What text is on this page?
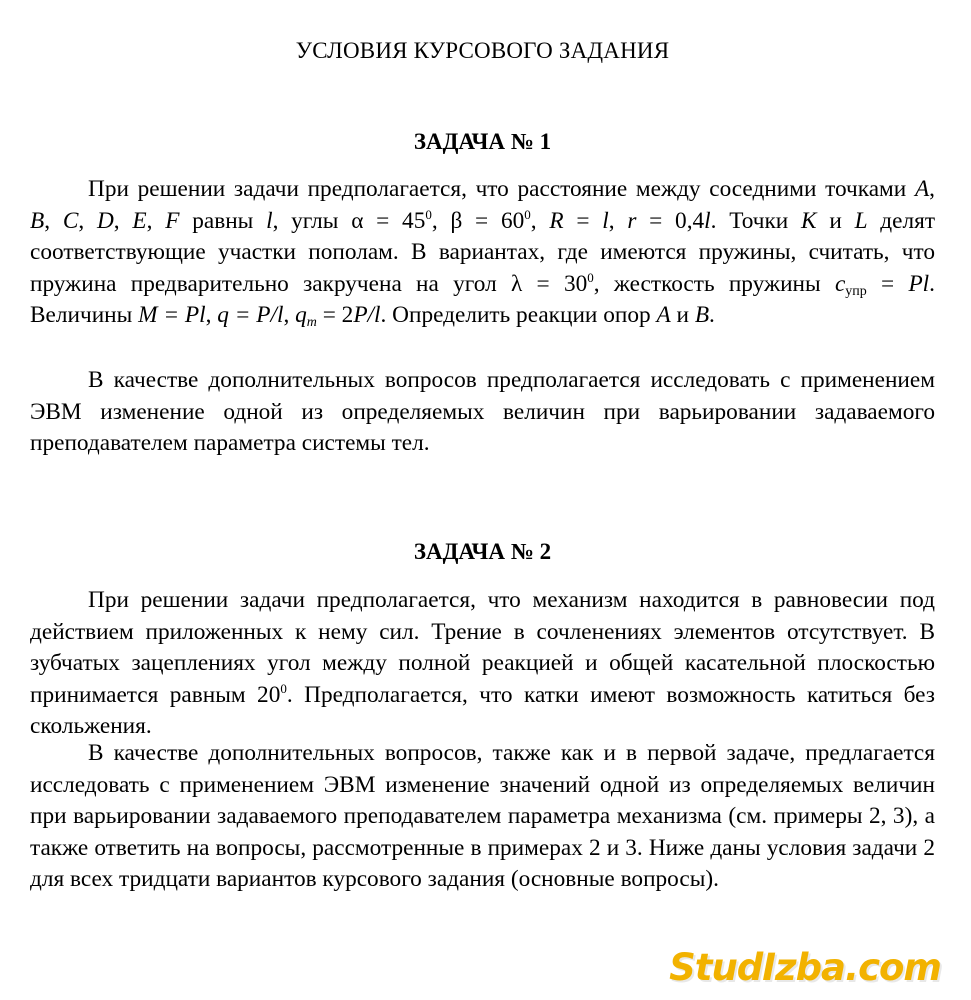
УСЛОВИЯ КУРСОВОГО ЗАДАНИЯ
ЗАДАЧА № 1
При решении задачи предполагается, что расстояние между соседними точками A, B, C, D, E, F равны l, углы $\alpha = 45^0$, $\beta = 60^0$, R = l, r = 0,4l. Точки K и L делят соответствующие участки пополам. В вариантах, где имеются пружины, считать, что пружина предварительно закручена на угол $\lambda = 30^0$, жесткость пружины $c_{упр} = Pl$. Величины M = Pl, q = P/l, $q_m = 2P/l$. Определить реакции опор A и B.
В качестве дополнительных вопросов предполагается исследовать с применением ЭВМ изменение одной из определяемых величин при варьировании задаваемого преподавателем параметра системы тел.
ЗАДАЧА № 2
При решении задачи предполагается, что механизм находится в равновесии под действием приложенных к нему сил. Трение в сочленениях элементов отсутствует. В зубчатых зацеплениях угол между полной реакцией и общей касательной плоскостью принимается равным $20^0$. Предполагается, что катки имеют возможность катиться без скольжения.
В качестве дополнительных вопросов, также как и в первой задаче, предлагается исследовать с применением ЭВМ изменение значений одной из определяемых величин при варьировании задаваемого преподавателем параметра механизма (см. примеры 2, 3), а также ответить на вопросы, рассмотренные в примерах 2 и 3. Ниже даны условия задачи 2 для всех тридцати вариантов курсового задания (основные вопросы).
StudIzba.com
